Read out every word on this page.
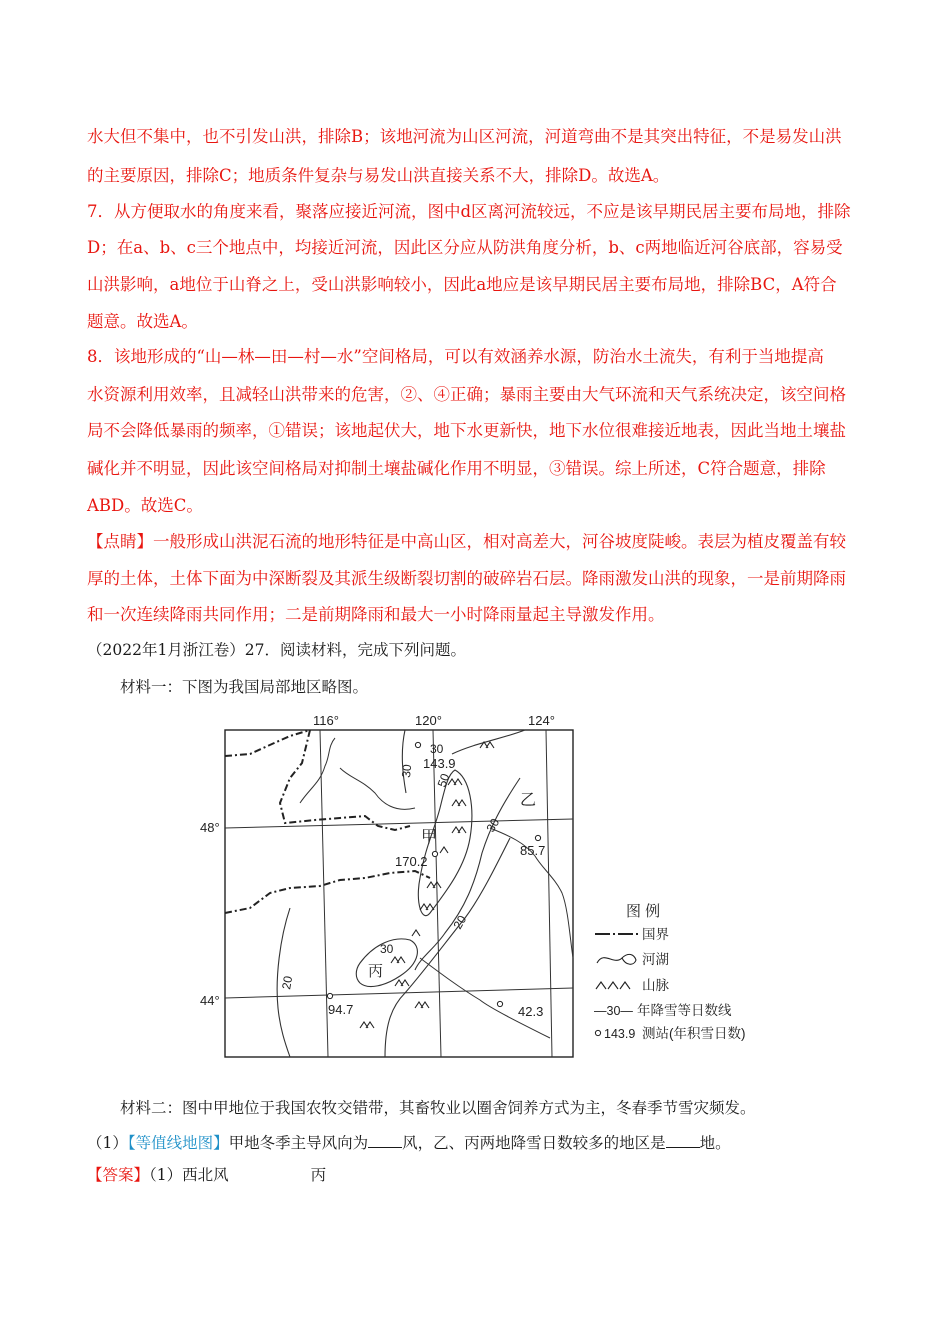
水大但不集中，也不引发山洪，排除B；该地河流为山区河流，河道弯曲不是其突出特征，不是易发山洪
的主要原因，排除C；地质条件复杂与易发山洪直接关系不大，排除D。故选A。
7．从方便取水的角度来看，聚落应接近河流，图中d区离河流较远，不应是该早期民居主要布局地，排除
D；在a、b、c三个地点中，均接近河流，因此区分应从防洪角度分析，b、c两地临近河谷底部，容易受
山洪影响，a地位于山脊之上，受山洪影响较小，因此a地应是该早期民居主要布局地，排除BC，A符合
题意。故选A。
8．该地形成的“山—林—田—村—水”空间格局，可以有效涵养水源，防治水土流失，有利于当地提高
水资源利用效率，且减轻山洪带来的危害，②、④正确；暴雨主要由大气环流和天气系统决定，该空间格
局不会降低暴雨的频率，①错误；该地起伏大，地下水更新快，地下水位很难接近地表，因此当地土壤盐
碱化并不明显，因此该空间格局对抑制土壤盐碱化作用不明显，③错误。综上所述，C符合题意，排除
ABD。故选C。
【点睛】一般形成山洪泥石流的地形特征是中高山区，相对高差大，河谷坡度陡峻。表层为植皮覆盖有较
厚的土体，土体下面为中深断裂及其派生级断裂切割的破碎岩石层。降雨激发山洪的现象，一是前期降雨
和一次连续降雨共同作用；二是前期降雨和最大一小时降雨量起主导激发作用。
（2022年1月浙江卷）27．阅读材料，完成下列问题。
材料一：下图为我国局部地区略图。
116°	120°	124°
48°
44°
30
50
30
20
30
20
30
甲
乙
丙
143.9
170.2
85.7
94.7	42.3
图 例
国界
河湖
山脉
—30— 年降雪等日数线
143.9 测站(年积雪日数)
材料二：图中甲地位于我国农牧交错带，其畜牧业以圈舍饲养方式为主，冬春季节雪灾频发。
（1）【等值线地图】甲地冬季主导风向为 风，乙、丙两地降雪日数较多的地区是 地。
【答案】（1）西北风	丙
